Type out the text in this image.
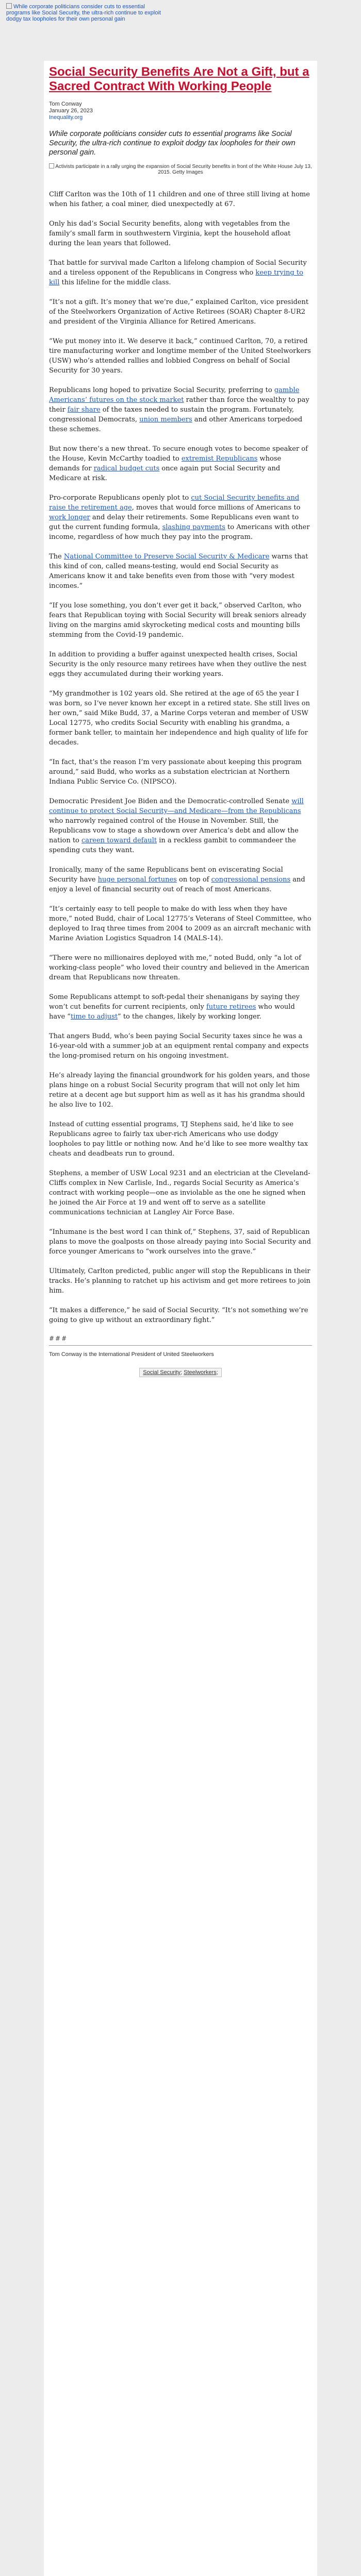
While corporate politicians consider cuts to essential programs like Social Security, the ultra-rich continue to exploit dodgy tax loopholes for their own personal gain
Social Security Benefits Are Not a Gift, but a Sacred Contract With Working People
Tom Conway
January 26, 2023
Inequality.org

While corporate politicians consider cuts to essential programs like Social Security, the ultra-rich continue to exploit dodgy tax loopholes for their own personal gain.

Activists participate in a rally urging the expansion of Social Security benefits in front of the White House July 13, 2015. Getty Images

Cliff Carlton was the 10th of 11 children and one of three still living at home when his father, a coal miner, died unexpectedly at 67.

Only his dad’s Social Security benefits, along with vegetables from the family’s small farm in southwestern Virginia, kept the household afloat during the lean years that followed.

That battle for survival made Carlton a lifelong champion of Social Security and a tireless opponent of the Republicans in Congress who keep trying to kill this lifeline for the middle class.

“It’s not a gift. It’s money that we’re due,” explained Carlton, vice president of the Steelworkers Organization of Active Retirees (SOAR) Chapter 8-UR2 and president of the Virginia Alliance for Retired Americans.

“We put money into it. We deserve it back,” continued Carlton, 70, a retired tire manufacturing worker and longtime member of the United Steelworkers (USW) who’s attended rallies and lobbied Congress on behalf of Social Security for 30 years.

Republicans long hoped to privatize Social Security, preferring to gamble Americans’ futures on the stock market rather than force the wealthy to pay their fair share of the taxes needed to sustain the program. Fortunately, congressional Democrats, union members and other Americans torpedoed these schemes.

But now there’s a new threat. To secure enough votes to become speaker of the House, Kevin McCarthy toadied to extremist Republicans whose demands for radical budget cuts once again put Social Security and Medicare at risk.

Pro-corporate Republicans openly plot to cut Social Security benefits and raise the retirement age, moves that would force millions of Americans to work longer and delay their retirements. Some Republicans even want to gut the current funding formula, slashing payments to Americans with other income, regardless of how much they pay into the program.

The National Committee to Preserve Social Security & Medicare warns that this kind of con, called means-testing, would end Social Security as Americans know it and take benefits even from those with “very modest incomes.”

“If you lose something, you don’t ever get it back,” observed Carlton, who fears that Republican toying with Social Security will break seniors already living on the margins amid skyrocketing medical costs and mounting bills stemming from the Covid-19 pandemic.

In addition to providing a buffer against unexpected health crises, Social Security is the only resource many retirees have when they outlive the nest eggs they accumulated during their working years.

“My grandmother is 102 years old. She retired at the age of 65 the year I was born, so I’ve never known her except in a retired state. She still lives on her own,” said Mike Budd, 37, a Marine Corps veteran and member of USW Local 12775, who credits Social Security with enabling his grandma, a former bank teller, to maintain her independence and high quality of life for decades.

“In fact, that’s the reason I’m very passionate about keeping this program around,” said Budd, who works as a substation electrician at Northern Indiana Public Service Co. (NIPSCO).

Democratic President Joe Biden and the Democratic-controlled Senate will continue to protect Social Security—and Medicare—from the Republicans who narrowly regained control of the House in November. Still, the Republicans vow to stage a showdown over America’s debt and allow the nation to careen toward default in a reckless gambit to commandeer the spending cuts they want.

Ironically, many of the same Republicans bent on eviscerating Social Security have huge personal fortunes on top of congressional pensions and enjoy a level of financial security out of reach of most Americans.

“It’s certainly easy to tell people to make do with less when they have more,” noted Budd, chair of Local 12775’s Veterans of Steel Committee, who deployed to Iraq three times from 2004 to 2009 as an aircraft mechanic with Marine Aviation Logistics Squadron 14 (MALS-14).

“There were no millionaires deployed with me,” noted Budd, only “a lot of working-class people” who loved their country and believed in the American dream that Republicans now threaten.

Some Republicans attempt to soft-pedal their shenanigans by saying they won’t cut benefits for current recipients, only future retirees who would have “time to adjust” to the changes, likely by working longer.

That angers Budd, who’s been paying Social Security taxes since he was a 16-year-old with a summer job at an equipment rental company and expects the long-promised return on his ongoing investment.

He’s already laying the financial groundwork for his golden years, and those plans hinge on a robust Social Security program that will not only let him retire at a decent age but support him as well as it has his grandma should he also live to 102.

Instead of cutting essential programs, TJ Stephens said, he’d like to see Republicans agree to fairly tax uber-rich Americans who use dodgy loopholes to pay little or nothing now. And he’d like to see more wealthy tax cheats and deadbeats run to ground.

Stephens, a member of USW Local 9231 and an electrician at the Cleveland-Cliffs complex in New Carlisle, Ind., regards Social Security as America’s contract with working people—one as inviolable as the one he signed when he joined the Air Force at 19 and went off to serve as a satellite communications technician at Langley Air Force Base.

“Inhumane is the best word I can think of,” Stephens, 37, said of Republican plans to move the goalposts on those already paying into Social Security and force younger Americans to “work ourselves into the grave.”

Ultimately, Carlton predicted, public anger will stop the Republicans in their tracks. He’s planning to ratchet up his activism and get more retirees to join him.

“It makes a difference,” he said of Social Security. “It’s not something we’re going to give up without an extraordinary fight.”

###
Tom Conway is the International President of United Steelworkers
Social Security; Steelworkers;
